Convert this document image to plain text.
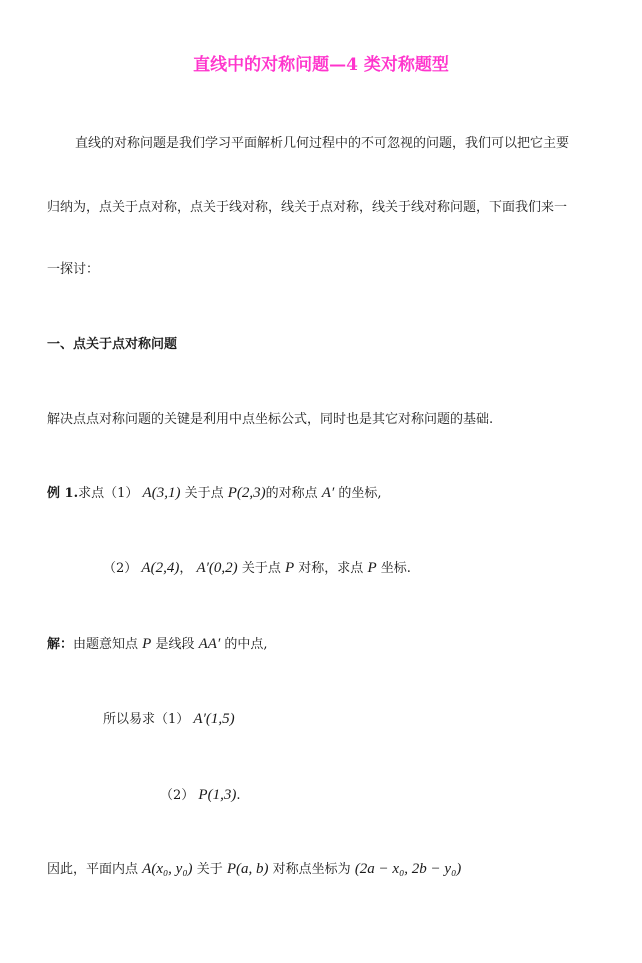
直线中的对称问题—4 类对称题型
直线的对称问题是我们学习平面解析几何过程中的不可忽视的问题，我们可以把它主要
归纳为，点关于点对称，点关于线对称，线关于点对称，线关于线对称问题，下面我们来一
一探讨：
一、点关于点对称问题
解决点点对称问题的关键是利用中点坐标公式，同时也是其它对称问题的基础.
例 1.求点（1） A(3,1) 关于点 P(2,3)的对称点 A′ 的坐标,
（2） A(2,4)， A′(0,2) 关于点 P 对称，求点 P 坐标.
解：由题意知点 P 是线段 AA′ 的中点,
所以易求（1） A′(1,5)
（2） P(1,3).
因此，平面内点 A(x₀, y₀) 关于 P(a, b) 对称点坐标为 (2a − x₀, 2b − y₀)
